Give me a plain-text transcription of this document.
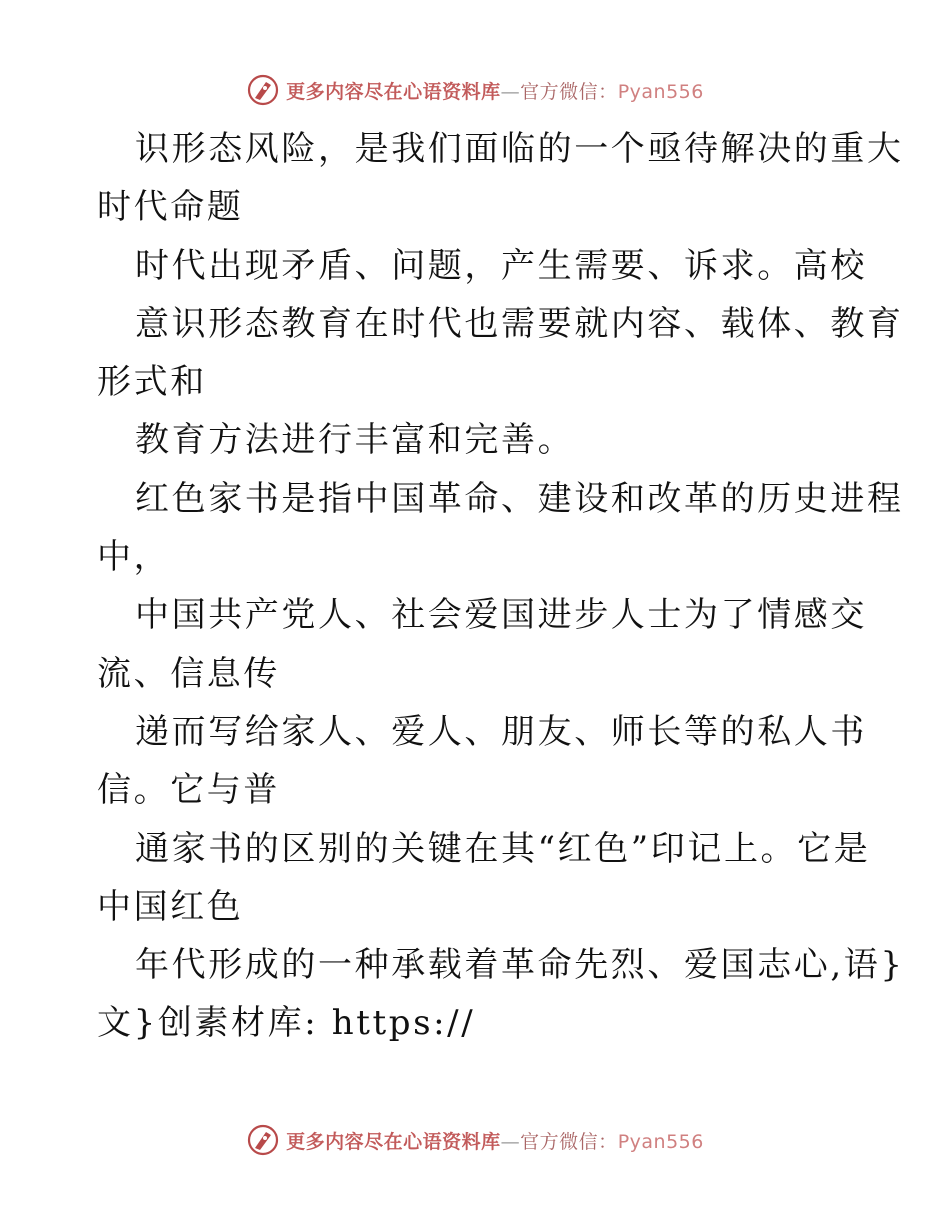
更多内容尽在心语资料库—官方微信：Pyan556
识形态风险，是我们面临的一个亟待解决的重大
时代命题
时代出现矛盾、问题，产生需要、诉求。高校
意识形态教育在时代也需要就内容、载体、教育
形式和
教育方法进行丰富和完善。
红色家书是指中国革命、建设和改革的历史进程
中，
中国共产党人、社会爱国进步人士为了情感交
流、信息传
递而写给家人、爱人、朋友、师长等的私人书
信。它与普
通家书的区别的关键在其“红色”印记上。它是
中国红色
年代形成的一种承载着革命先烈、爱国志心,语}
文}创素材库: https://
更多内容尽在心语资料库—官方微信：Pyan556
